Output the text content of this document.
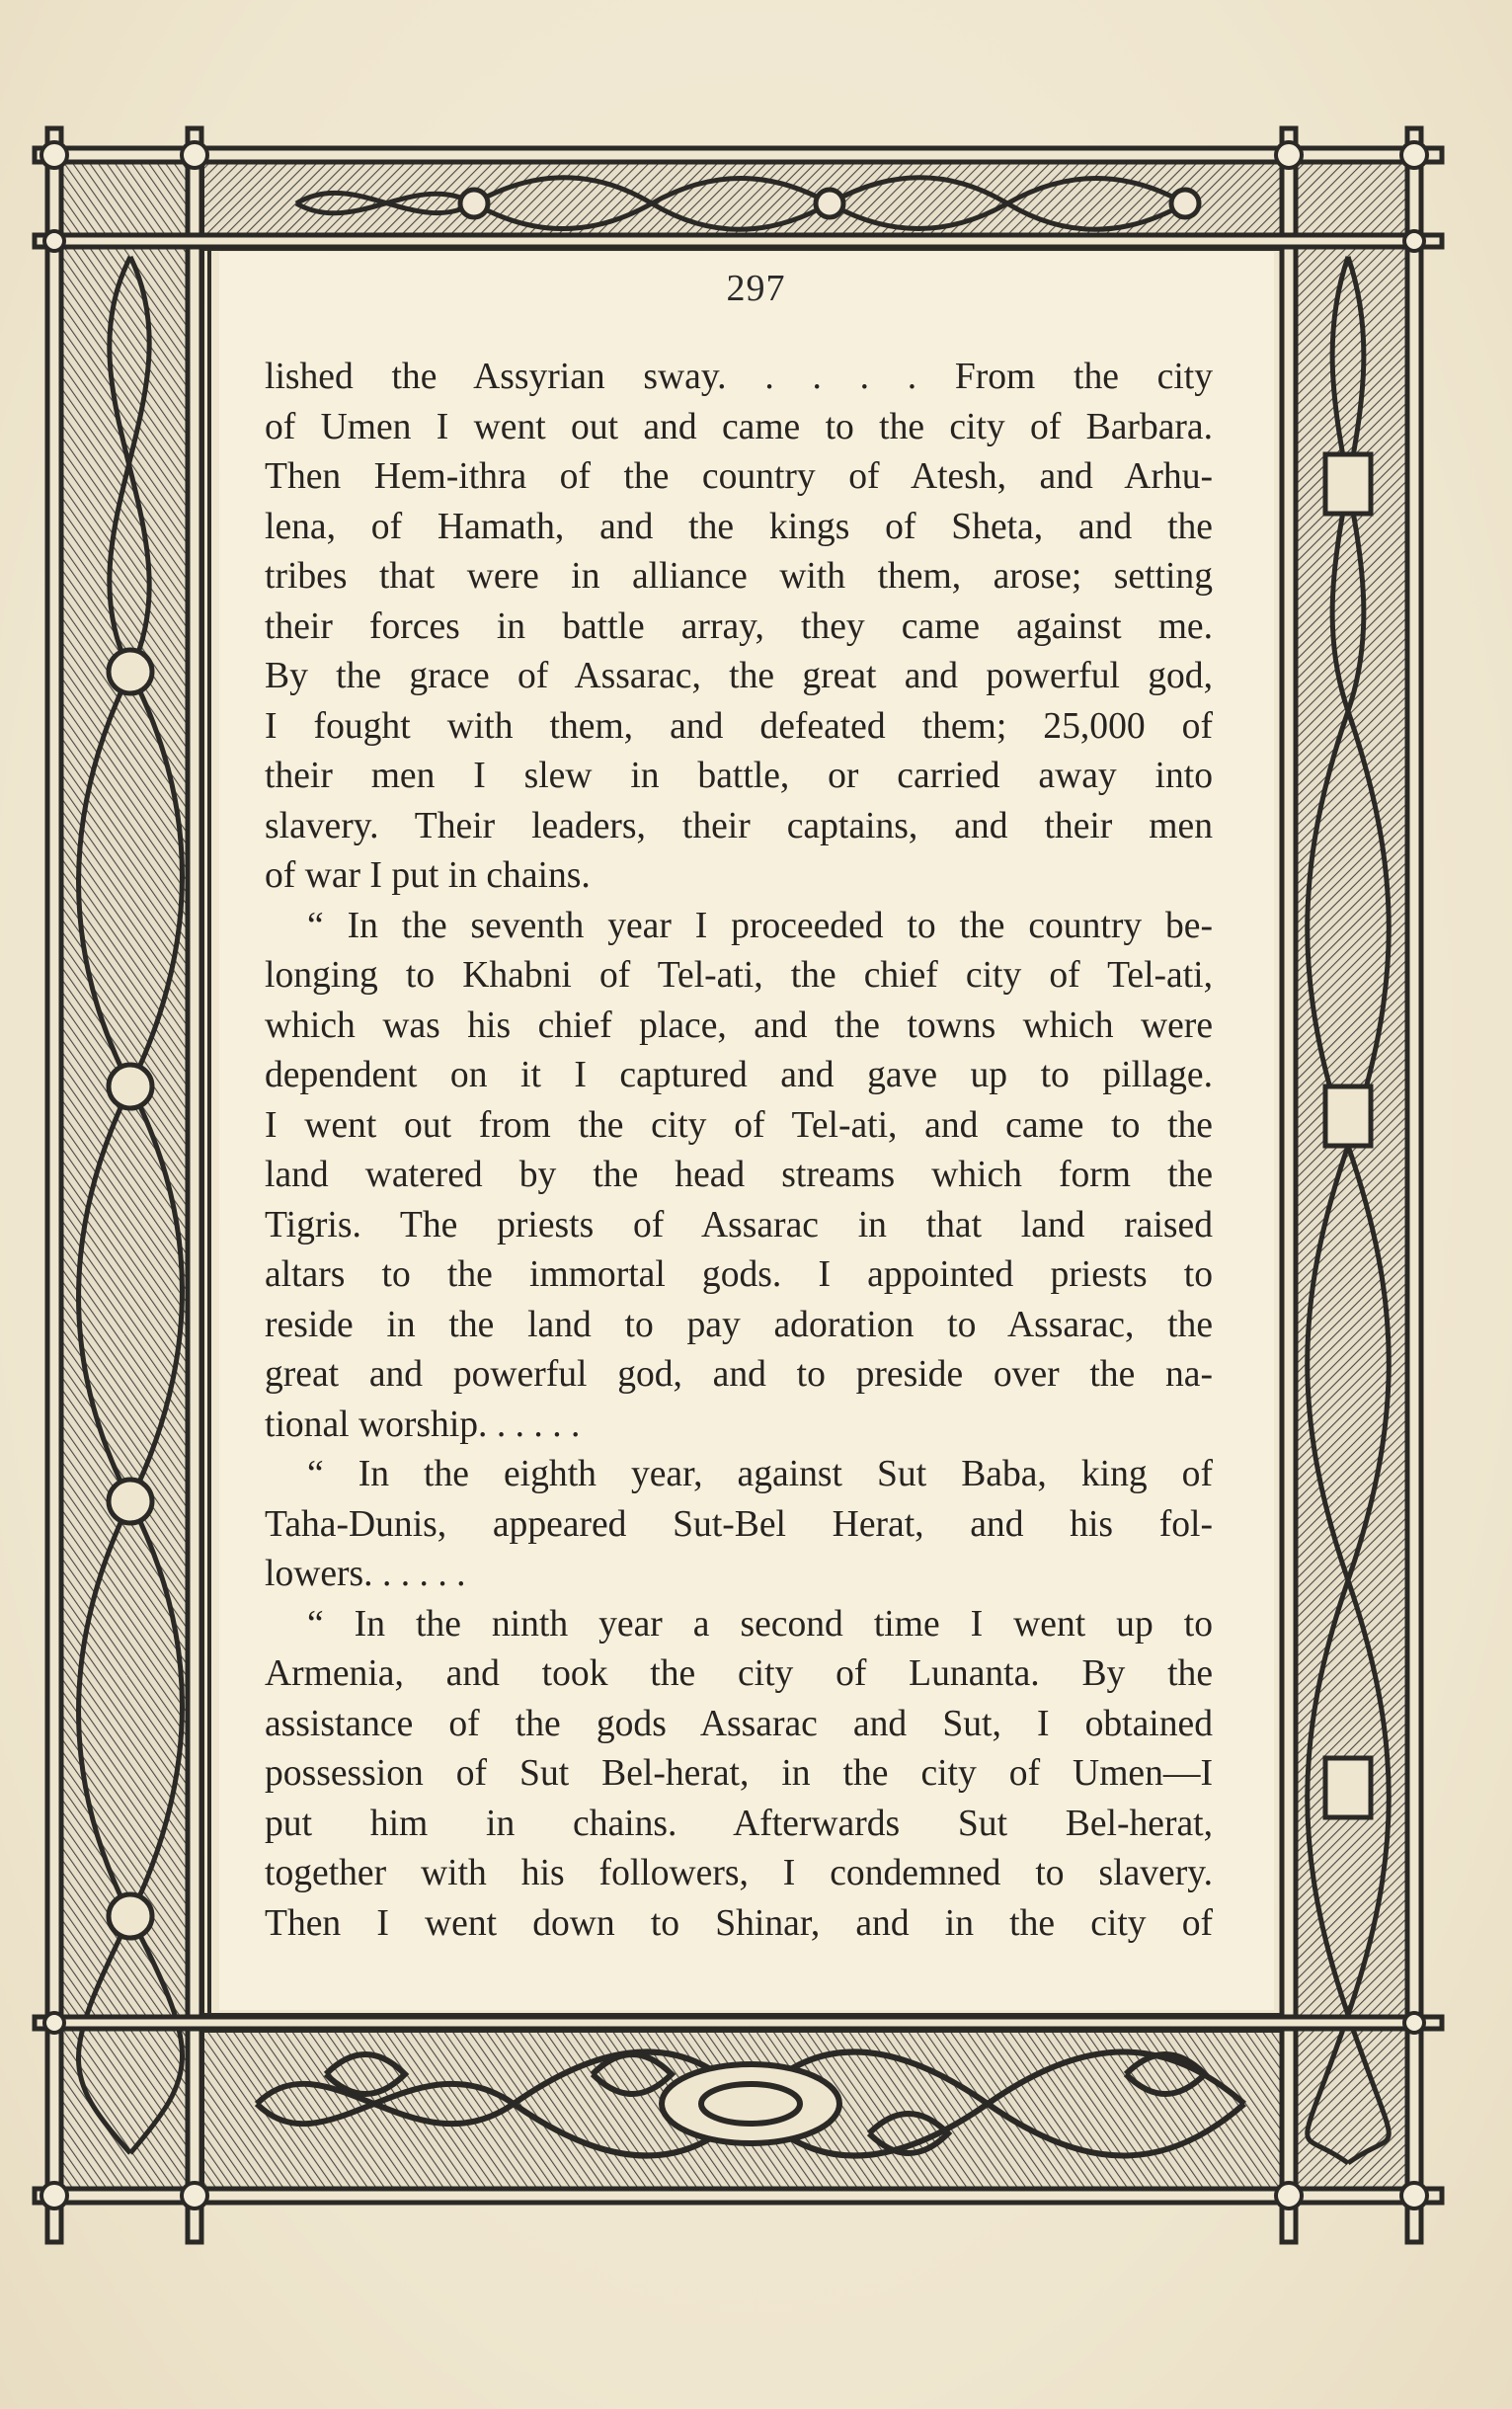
297
lished the Assyrian sway. . . . . From the city
of Umen I went out and came to the city of Barbara.
Then Hem-ithra of the country of Atesh, and Arhu-
lena, of Hamath, and the kings of Sheta, and the
tribes that were in alliance with them, arose; setting
their forces in battle array, they came against me.
By the grace of Assarac, the great and powerful god,
I fought with them, and defeated them; 25,000 of
their men I slew in battle, or carried away into
slavery. Their leaders, their captains, and their men
of war I put in chains.
“ In the seventh year I proceeded to the country be-
longing to Khabni of Tel-ati, the chief city of Tel-ati,
which was his chief place, and the towns which were
dependent on it I captured and gave up to pillage.
I went out from the city of Tel-ati, and came to the
land watered by the head streams which form the
Tigris. The priests of Assarac in that land raised
altars to the immortal gods. I appointed priests to
reside in the land to pay adoration to Assarac, the
great and powerful god, and to preside over the na-
tional worship. . . . . .
“ In the eighth year, against Sut Baba, king of
Taha-Dunis, appeared Sut-Bel Herat, and his fol-
lowers. . . . . .
“ In the ninth year a second time I went up to
Armenia, and took the city of Lunanta. By the
assistance of the gods Assarac and Sut, I obtained
possession of Sut Bel-herat, in the city of Umen—I
put him in chains. Afterwards Sut Bel-herat,
together with his followers, I condemned to slavery.
Then I went down to Shinar, and in the city of
